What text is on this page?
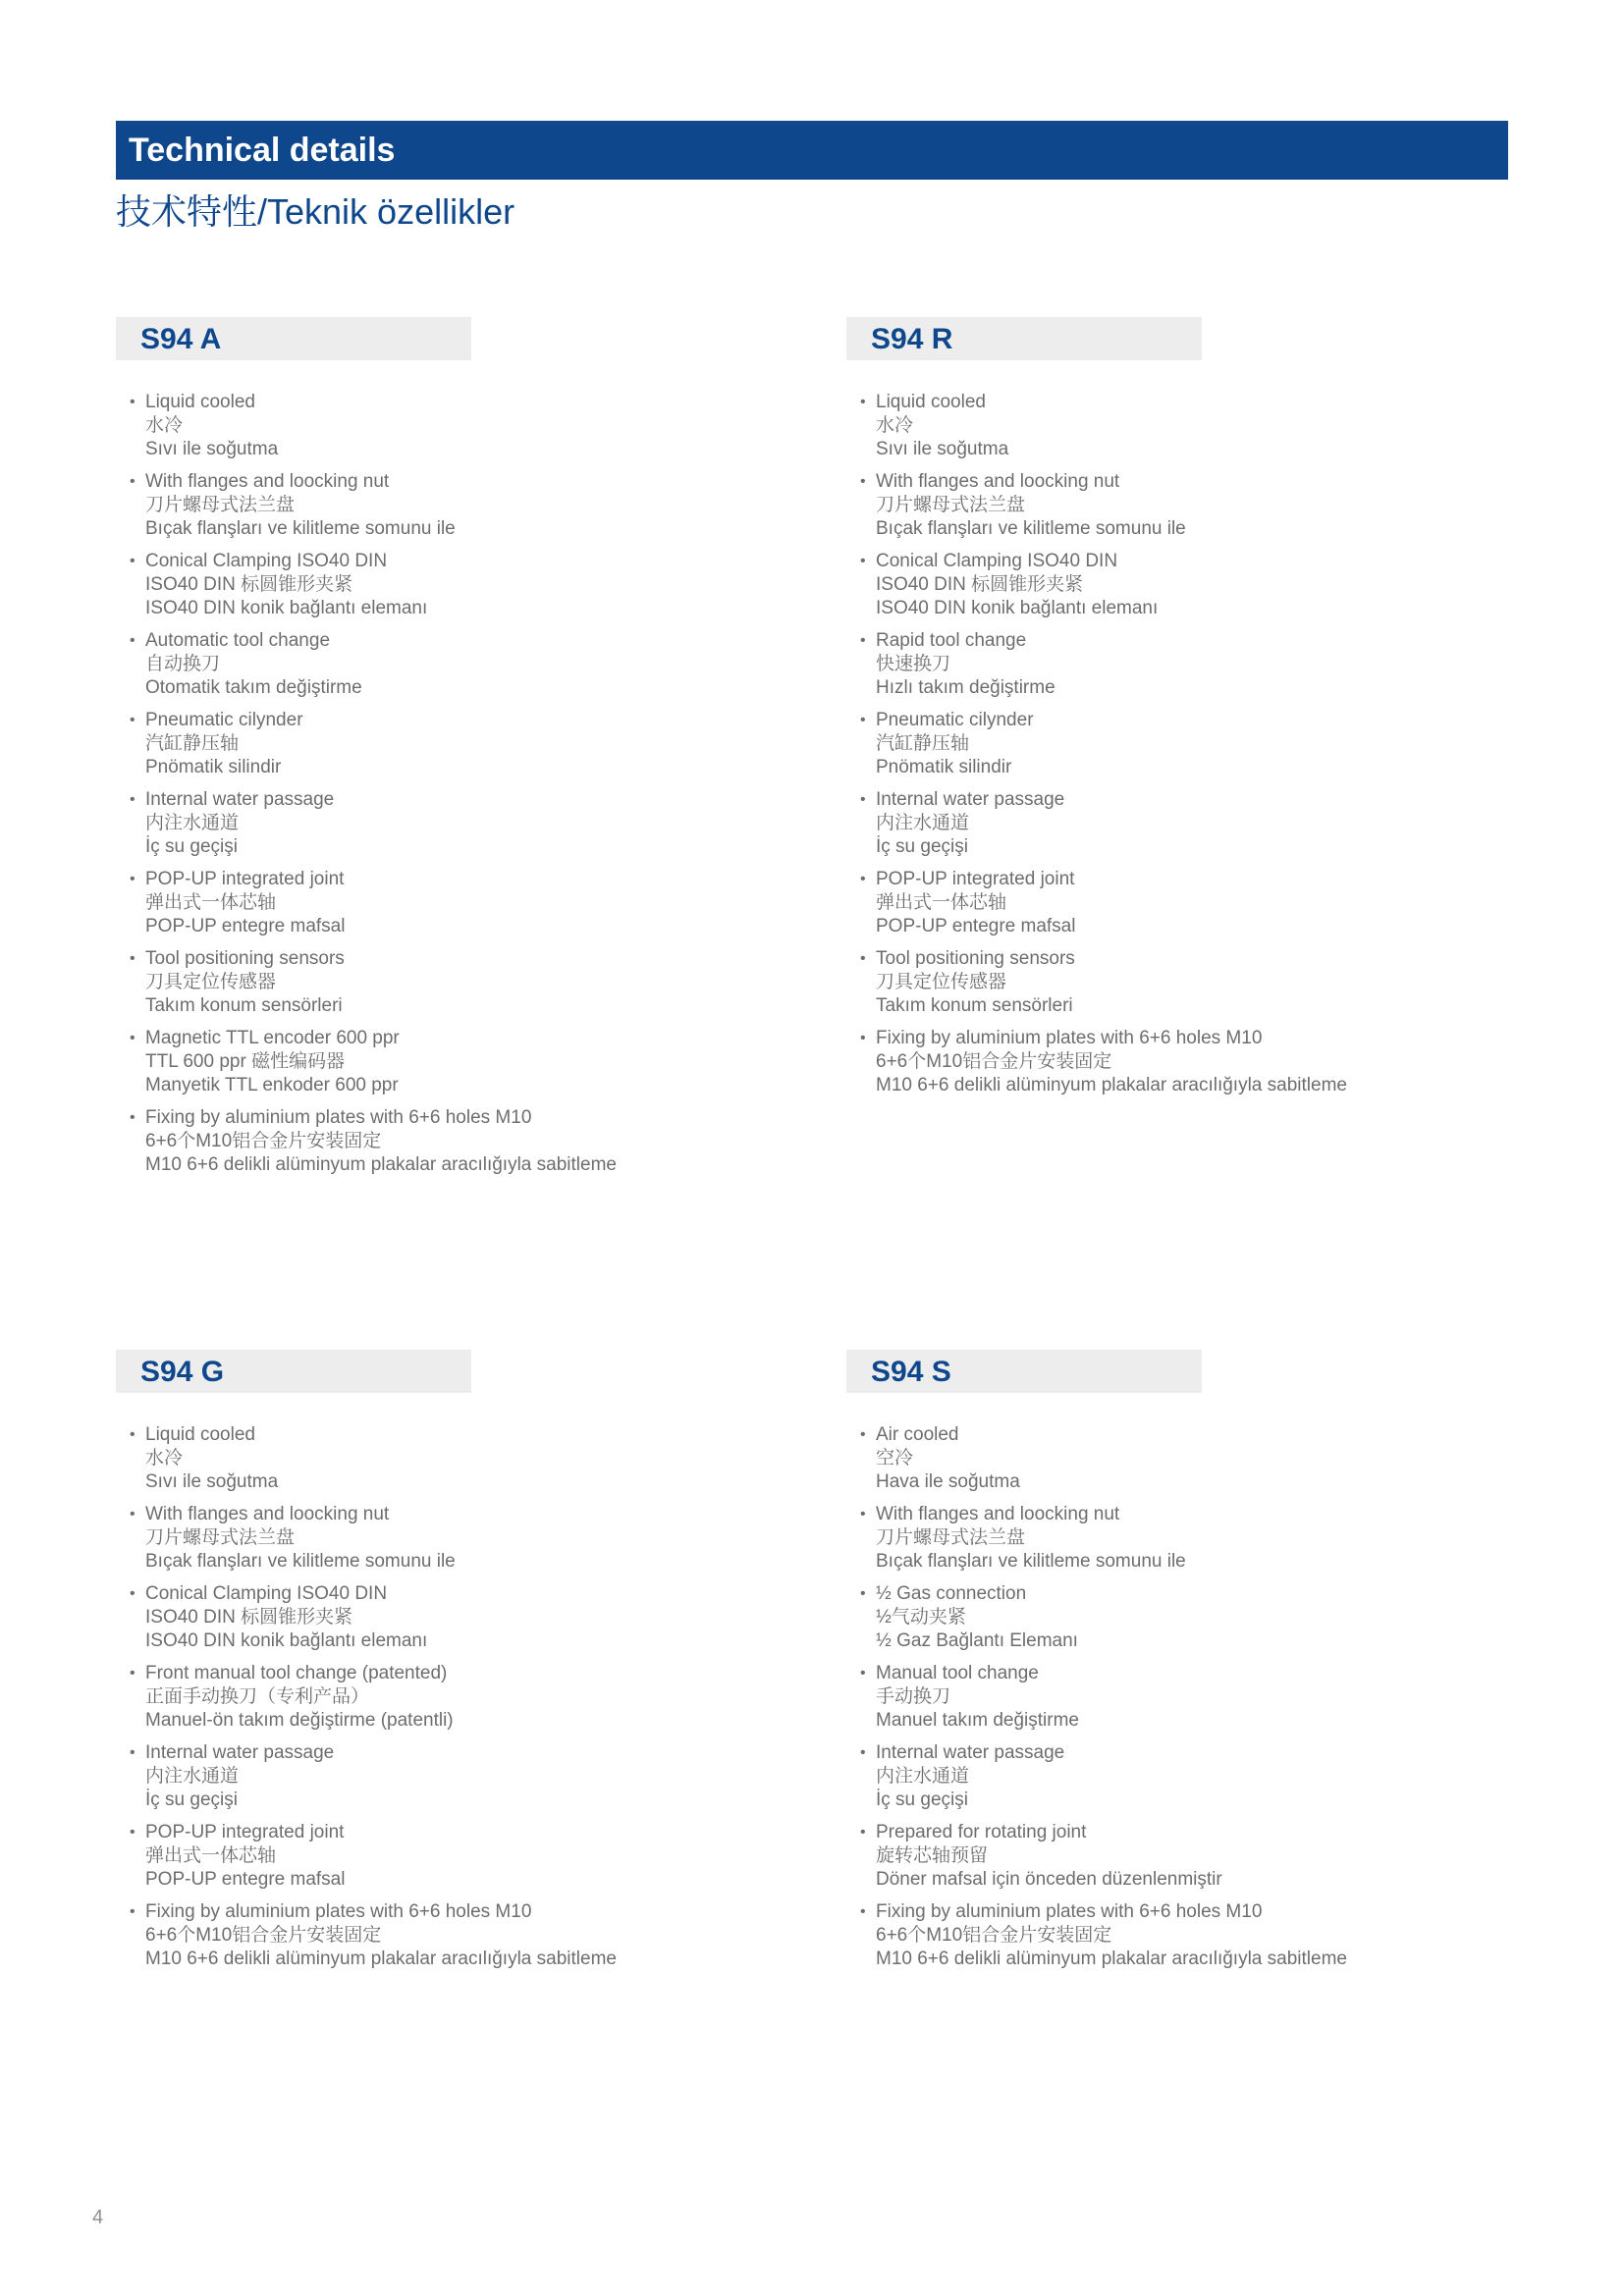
Technical details
技术特性/Teknik özellikler
S94 A
• Liquid cooled
水冷
Sıvı ile soğutma
• With flanges and loocking nut
刀片螺母式法兰盘
Bıçak flanşları ve kilitleme somunu ile
• Conical Clamping ISO40 DIN
ISO40 DIN 标圆锥形夹紧
ISO40 DIN konik bağlantı elemanı
• Automatic tool change
自动换刀
Otomatik takım değiştirme
• Pneumatic cilynder
汽缸静压轴
Pnömatik silindir
• Internal water passage
内注水通道
İç su geçişi
• POP-UP integrated joint
弹出式一体芯轴
POP-UP entegre mafsal
• Tool positioning sensors
刀具定位传感器
Takım konum sensörleri
• Magnetic TTL encoder 600 ppr
TTL 600 ppr 磁性编码器
Manyetik TTL enkoder 600 ppr
• Fixing by aluminium plates with 6+6 holes M10
6+6个M10铝合金片安装固定
M10 6+6 delikli alüminyum plakalar aracılığıyla sabitleme
S94 R
• Liquid cooled
水冷
Sıvı ile soğutma
• With flanges and loocking nut
刀片螺母式法兰盘
Bıçak flanşları ve kilitleme somunu ile
• Conical Clamping ISO40 DIN
ISO40 DIN 标圆锥形夹紧
ISO40 DIN konik bağlantı elemanı
• Rapid tool change
快速换刀
Hızlı takım değiştirme
• Pneumatic cilynder
汽缸静压轴
Pnömatik silindir
• Internal water passage
内注水通道
İç su geçişi
• POP-UP integrated joint
弹出式一体芯轴
POP-UP entegre mafsal
• Tool positioning sensors
刀具定位传感器
Takım konum sensörleri
• Fixing by aluminium plates with 6+6 holes M10
6+6个M10铝合金片安装固定
M10 6+6 delikli alüminyum plakalar aracılığıyla sabitleme
S94 G
• Liquid cooled
水冷
Sıvı ile soğutma
• With flanges and loocking nut
刀片螺母式法兰盘
Bıçak flanşları ve kilitleme somunu ile
• Conical Clamping ISO40 DIN
ISO40 DIN 标圆锥形夹紧
ISO40 DIN konik bağlantı elemanı
• Front manual tool change (patented)
正面手动换刀（专利产品）
Manuel-ön takım değiştirme (patentli)
• Internal water passage
内注水通道
İç su geçişi
• POP-UP integrated joint
弹出式一体芯轴
POP-UP entegre mafsal
• Fixing by aluminium plates with 6+6 holes M10
6+6个M10铝合金片安装固定
M10 6+6 delikli alüminyum plakalar aracılığıyla sabitleme
S94 S
• Air cooled
空冷
Hava ile soğutma
• With flanges and loocking nut
刀片螺母式法兰盘
Bıçak flanşları ve kilitleme somunu ile
• ½ Gas connection
½气动夹紧
½ Gaz Bağlantı Elemanı
• Manual tool change
手动换刀
Manuel takım değiştirme
• Internal water passage
内注水通道
İç su geçişi
• Prepared for rotating joint
旋转芯轴预留
Döner mafsal için önceden düzenlenmiştir
• Fixing by aluminium plates with 6+6 holes M10
6+6个M10铝合金片安装固定
M10 6+6 delikli alüminyum plakalar aracılığıyla sabitleme
4
